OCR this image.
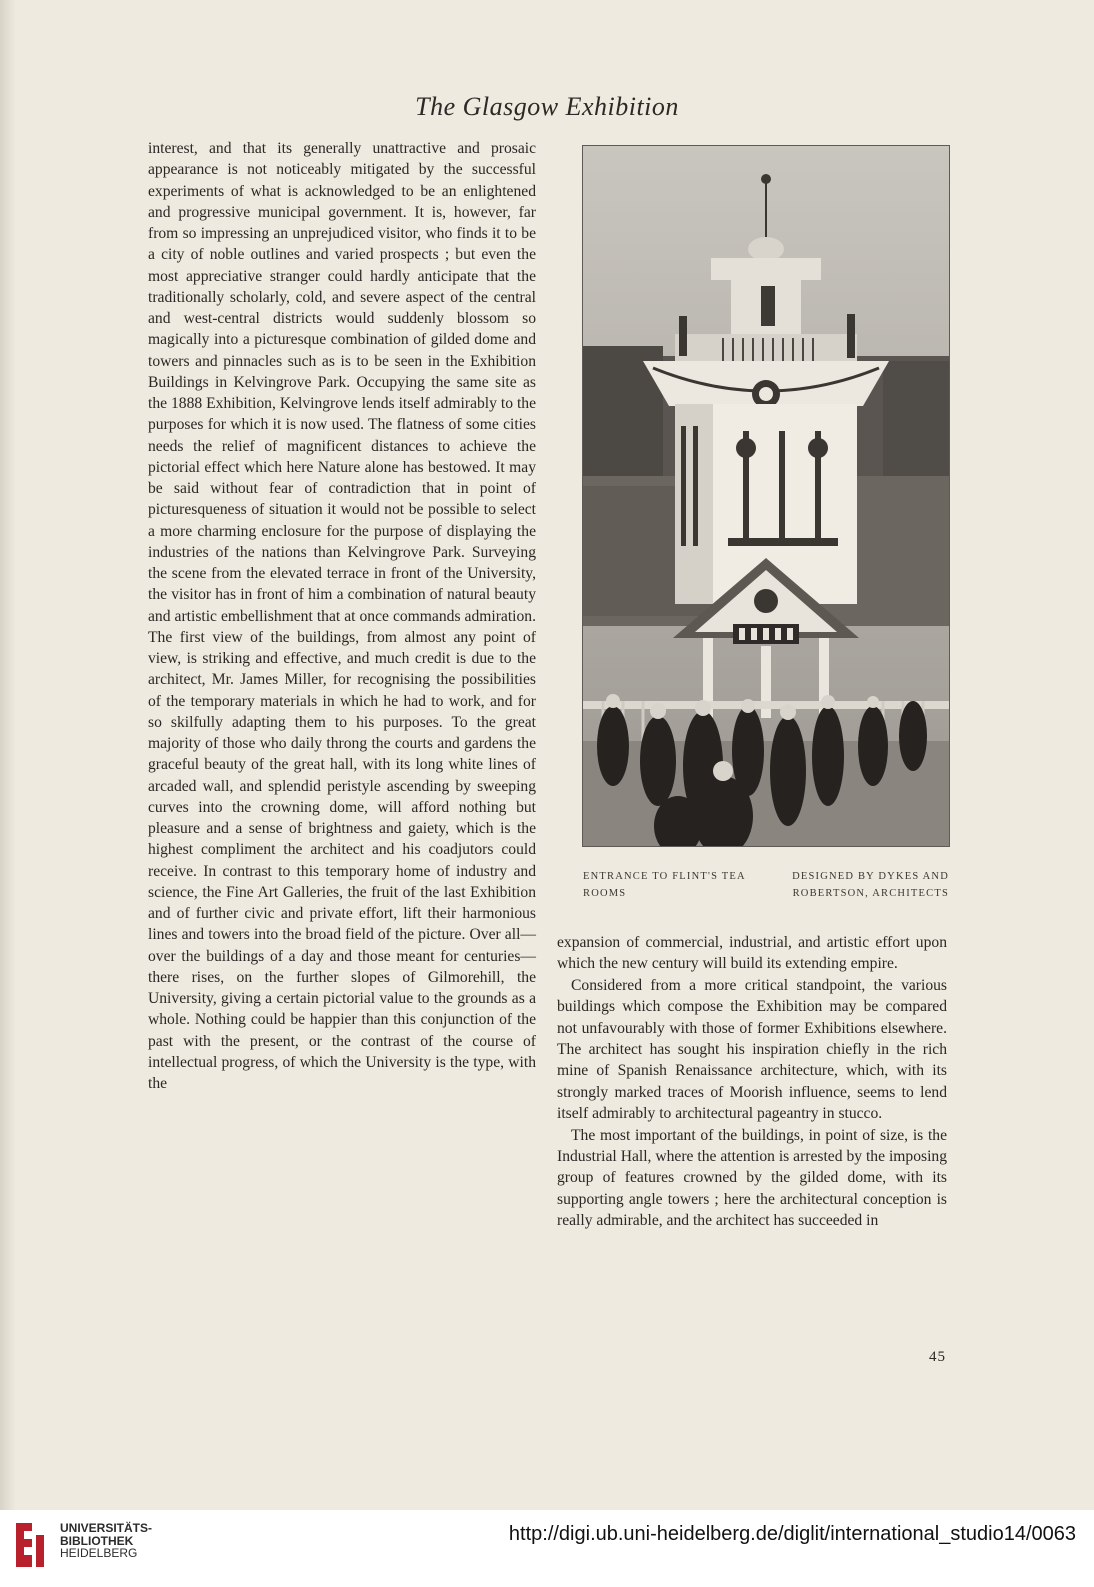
The Glasgow Exhibition

interest, and that its generally unattractive and prosaic appearance is not noticeably mitigated by the successful experiments of what is acknowledged to be an enlightened and progressive municipal government. It is, however, far from so impressing an unprejudiced visitor, who finds it to be a city of noble outlines and varied prospects ; but even the most appreciative stranger could hardly anticipate that the traditionally scholarly, cold, and severe aspect of the central and west-central districts would suddenly blossom so magically into a picturesque combination of gilded dome and towers and pinnacles such as is to be seen in the Exhibition Buildings in Kelvingrove Park. Occupying the same site as the 1888 Exhibition, Kelvingrove lends itself admirably to the purposes for which it is now used. The flatness of some cities needs the relief of magnificent distances to achieve the pictorial effect which here Nature alone has bestowed. It may be said without fear of contradiction that in point of picturesqueness of situation it would not be possible to select a more charming enclosure for the purpose of displaying the industries of the nations than Kelvingrove Park. Surveying the scene from the elevated terrace in front of the University, the visitor has in front of him a combination of natural beauty and artistic embellishment that at once commands admiration. The first view of the buildings, from almost any point of view, is striking and effective, and much credit is due to the architect, Mr. James Miller, for recognising the possibilities of the temporary materials in which he had to work, and for so skilfully adapting them to his purposes. To the great majority of those who daily throng the courts and gardens the graceful beauty of the great hall, with its long white lines of arcaded wall, and splendid peristyle ascending by sweeping curves into the crowning dome, will afford nothing but pleasure and a sense of brightness and gaiety, which is the highest compliment the architect and his coadjutors could receive. In contrast to this temporary home of industry and science, the Fine Art Galleries, the fruit of the last Exhibition and of further civic and private effort, lift their harmonious lines and towers into the broad field of the picture. Over all—over the buildings of a day and those meant for centuries—there rises, on the further slopes of Gilmorehill, the University, giving a certain pictorial value to the grounds as a whole. Nothing could be happier than this conjunction of the past with the present, or the contrast of the course of intellectual progress, of which the University is the type, with the

ENTRANCE TO FLINT'S TEA ROOMS
DESIGNED BY DYKES AND ROBERTSON, ARCHITECTS

expansion of commercial, industrial, and artistic effort upon which the new century will build its extending empire.

Considered from a more critical standpoint, the various buildings which compose the Exhibition may be compared not unfavourably with those of former Exhibitions elsewhere. The architect has sought his inspiration chiefly in the rich mine of Spanish Renaissance architecture, which, with its strongly marked traces of Moorish influence, seems to lend itself admirably to architectural pageantry in stucco.

The most important of the buildings, in point of size, is the Industrial Hall, where the attention is arrested by the imposing group of features crowned by the gilded dome, with its supporting angle towers ; here the architectural conception is really admirable, and the architect has succeeded in

45
UNIVERSITÄTS-
BIBLIOTHEK
HEIDELBERG
http://digi.ub.uni-heidelberg.de/diglit/international_studio14/0063
